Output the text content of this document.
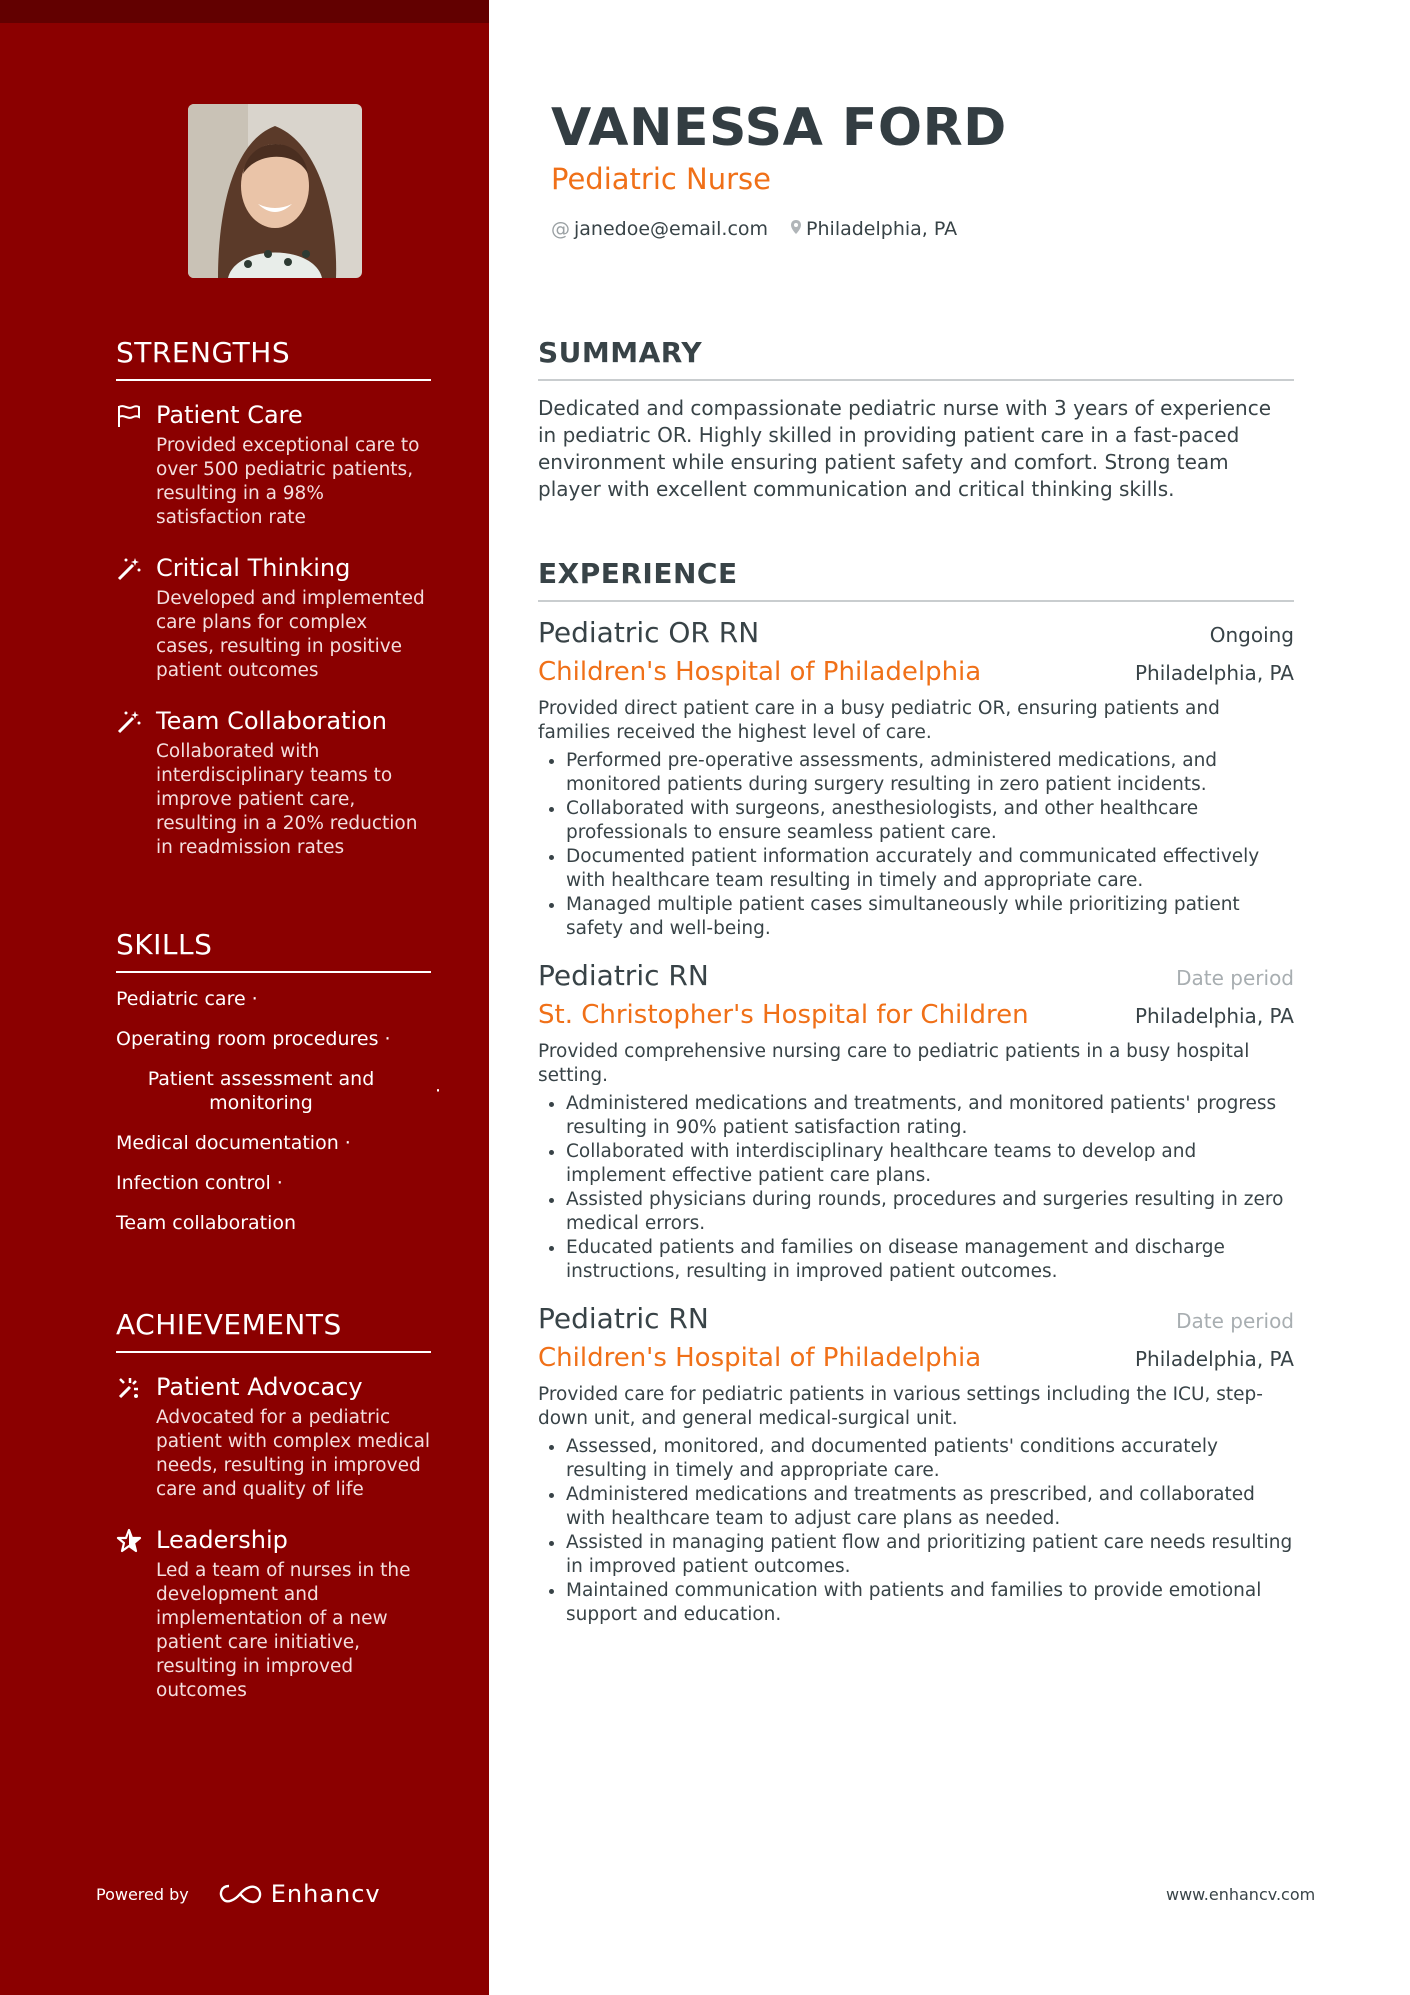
STRENGTHS
Patient Care
Provided exceptional care to over 500 pediatric patients, resulting in a 98% satisfaction rate
Critical Thinking
Developed and implemented care plans for complex cases, resulting in positive patient outcomes
Team Collaboration
Collaborated with interdisciplinary teams to improve patient care, resulting in a 20% reduction in readmission rates
SKILLS
Pediatric care ·
Operating room procedures ·
Patient assessment and monitoring
·
Medical documentation ·
Infection control ·
Team collaboration
ACHIEVEMENTS
Patient Advocacy
Advocated for a pediatric patient with complex medical needs, resulting in improved care and quality of life
Leadership
Led a team of nurses in the development and implementation of a new patient care initiative, resulting in improved outcomes
Powered by	Enhancv
VANESSA FORD
Pediatric Nurse
@ janedoe@email.com	Philadelphia, PA
SUMMARY
Dedicated and compassionate pediatric nurse with 3 years of experience in pediatric OR. Highly skilled in providing patient care in a fast-paced environment while ensuring patient safety and comfort. Strong team player with excellent communication and critical thinking skills.
EXPERIENCE
Pediatric OR RN	Ongoing
Children's Hospital of Philadelphia	Philadelphia, PA
Provided direct patient care in a busy pediatric OR, ensuring patients and families received the highest level of care.
• Performed pre-operative assessments, administered medications, and monitored patients during surgery resulting in zero patient incidents.
• Collaborated with surgeons, anesthesiologists, and other healthcare professionals to ensure seamless patient care.
• Documented patient information accurately and communicated effectively with healthcare team resulting in timely and appropriate care.
• Managed multiple patient cases simultaneously while prioritizing patient safety and well-being.
Pediatric RN	Date period
St. Christopher's Hospital for Children	Philadelphia, PA
Provided comprehensive nursing care to pediatric patients in a busy hospital setting.
• Administered medications and treatments, and monitored patients' progress resulting in 90% patient satisfaction rating.
• Collaborated with interdisciplinary healthcare teams to develop and implement effective patient care plans.
• Assisted physicians during rounds, procedures and surgeries resulting in zero medical errors.
• Educated patients and families on disease management and discharge instructions, resulting in improved patient outcomes.
Pediatric RN	Date period
Children's Hospital of Philadelphia	Philadelphia, PA
Provided care for pediatric patients in various settings including the ICU, step-down unit, and general medical-surgical unit.
• Assessed, monitored, and documented patients' conditions accurately resulting in timely and appropriate care.
• Administered medications and treatments as prescribed, and collaborated with healthcare team to adjust care plans as needed.
• Assisted in managing patient flow and prioritizing patient care needs resulting in improved patient outcomes.
• Maintained communication with patients and families to provide emotional support and education.
www.enhancv.com
